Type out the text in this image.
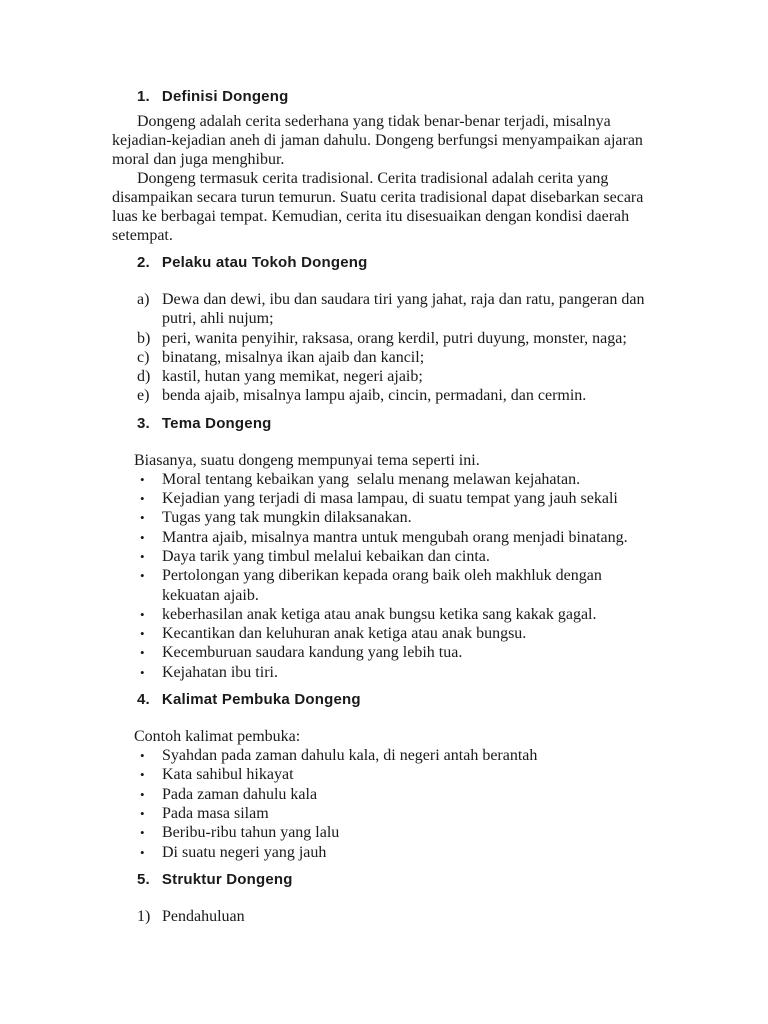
1. Definisi Dongeng

Dongeng adalah cerita sederhana yang tidak benar-benar terjadi, misalnya kejadian-kejadian aneh di jaman dahulu. Dongeng berfungsi menyampaikan ajaran moral dan juga menghibur.

Dongeng termasuk cerita tradisional. Cerita tradisional adalah cerita yang disampaikan secara turun temurun. Suatu cerita tradisional dapat disebarkan secara luas ke berbagai tempat. Kemudian, cerita itu disesuaikan dengan kondisi daerah setempat.

2. Pelaku atau Tokoh Dongeng
a) Dewa dan dewi, ibu dan saudara tiri yang jahat, raja dan ratu, pangeran dan putri, ahli nujum;
b) peri, wanita penyihir, raksasa, orang kerdil, putri duyung, monster, naga;
c) binatang, misalnya ikan ajaib dan kancil;
d) kastil, hutan yang memikat, negeri ajaib;
e) benda ajaib, misalnya lampu ajaib, cincin, permadani, dan cermin.
3. Tema Dongeng

Biasanya, suatu dongeng mempunyai tema seperti ini.

•	Moral tentang kebaikan yang  selalu menang melawan kejahatan.
•	Kejadian yang terjadi di masa lampau, di suatu tempat yang jauh sekali
•	Tugas yang tak mungkin dilaksanakan.
•	Mantra ajaib, misalnya mantra untuk mengubah orang menjadi binatang.
•	Daya tarik yang timbul melalui kebaikan dan cinta.
•	Pertolongan yang diberikan kepada orang baik oleh makhluk dengan kekuatan ajaib.
•	keberhasilan anak ketiga atau anak bungsu ketika sang kakak gagal.
•	Kecantikan dan keluhuran anak ketiga atau anak bungsu.
•	Kecemburuan saudara kandung yang lebih tua.
•	Kejahatan ibu tiri.
4. Kalimat Pembuka Dongeng

Contoh kalimat pembuka:

•	Syahdan pada zaman dahulu kala, di negeri antah berantah
•	Kata sahibul hikayat
•	Pada zaman dahulu kala
•	Pada masa silam
•	Beribu-ribu tahun yang lalu
•	Di suatu negeri yang jauh
5. Struktur Dongeng
1) Pendahuluan
